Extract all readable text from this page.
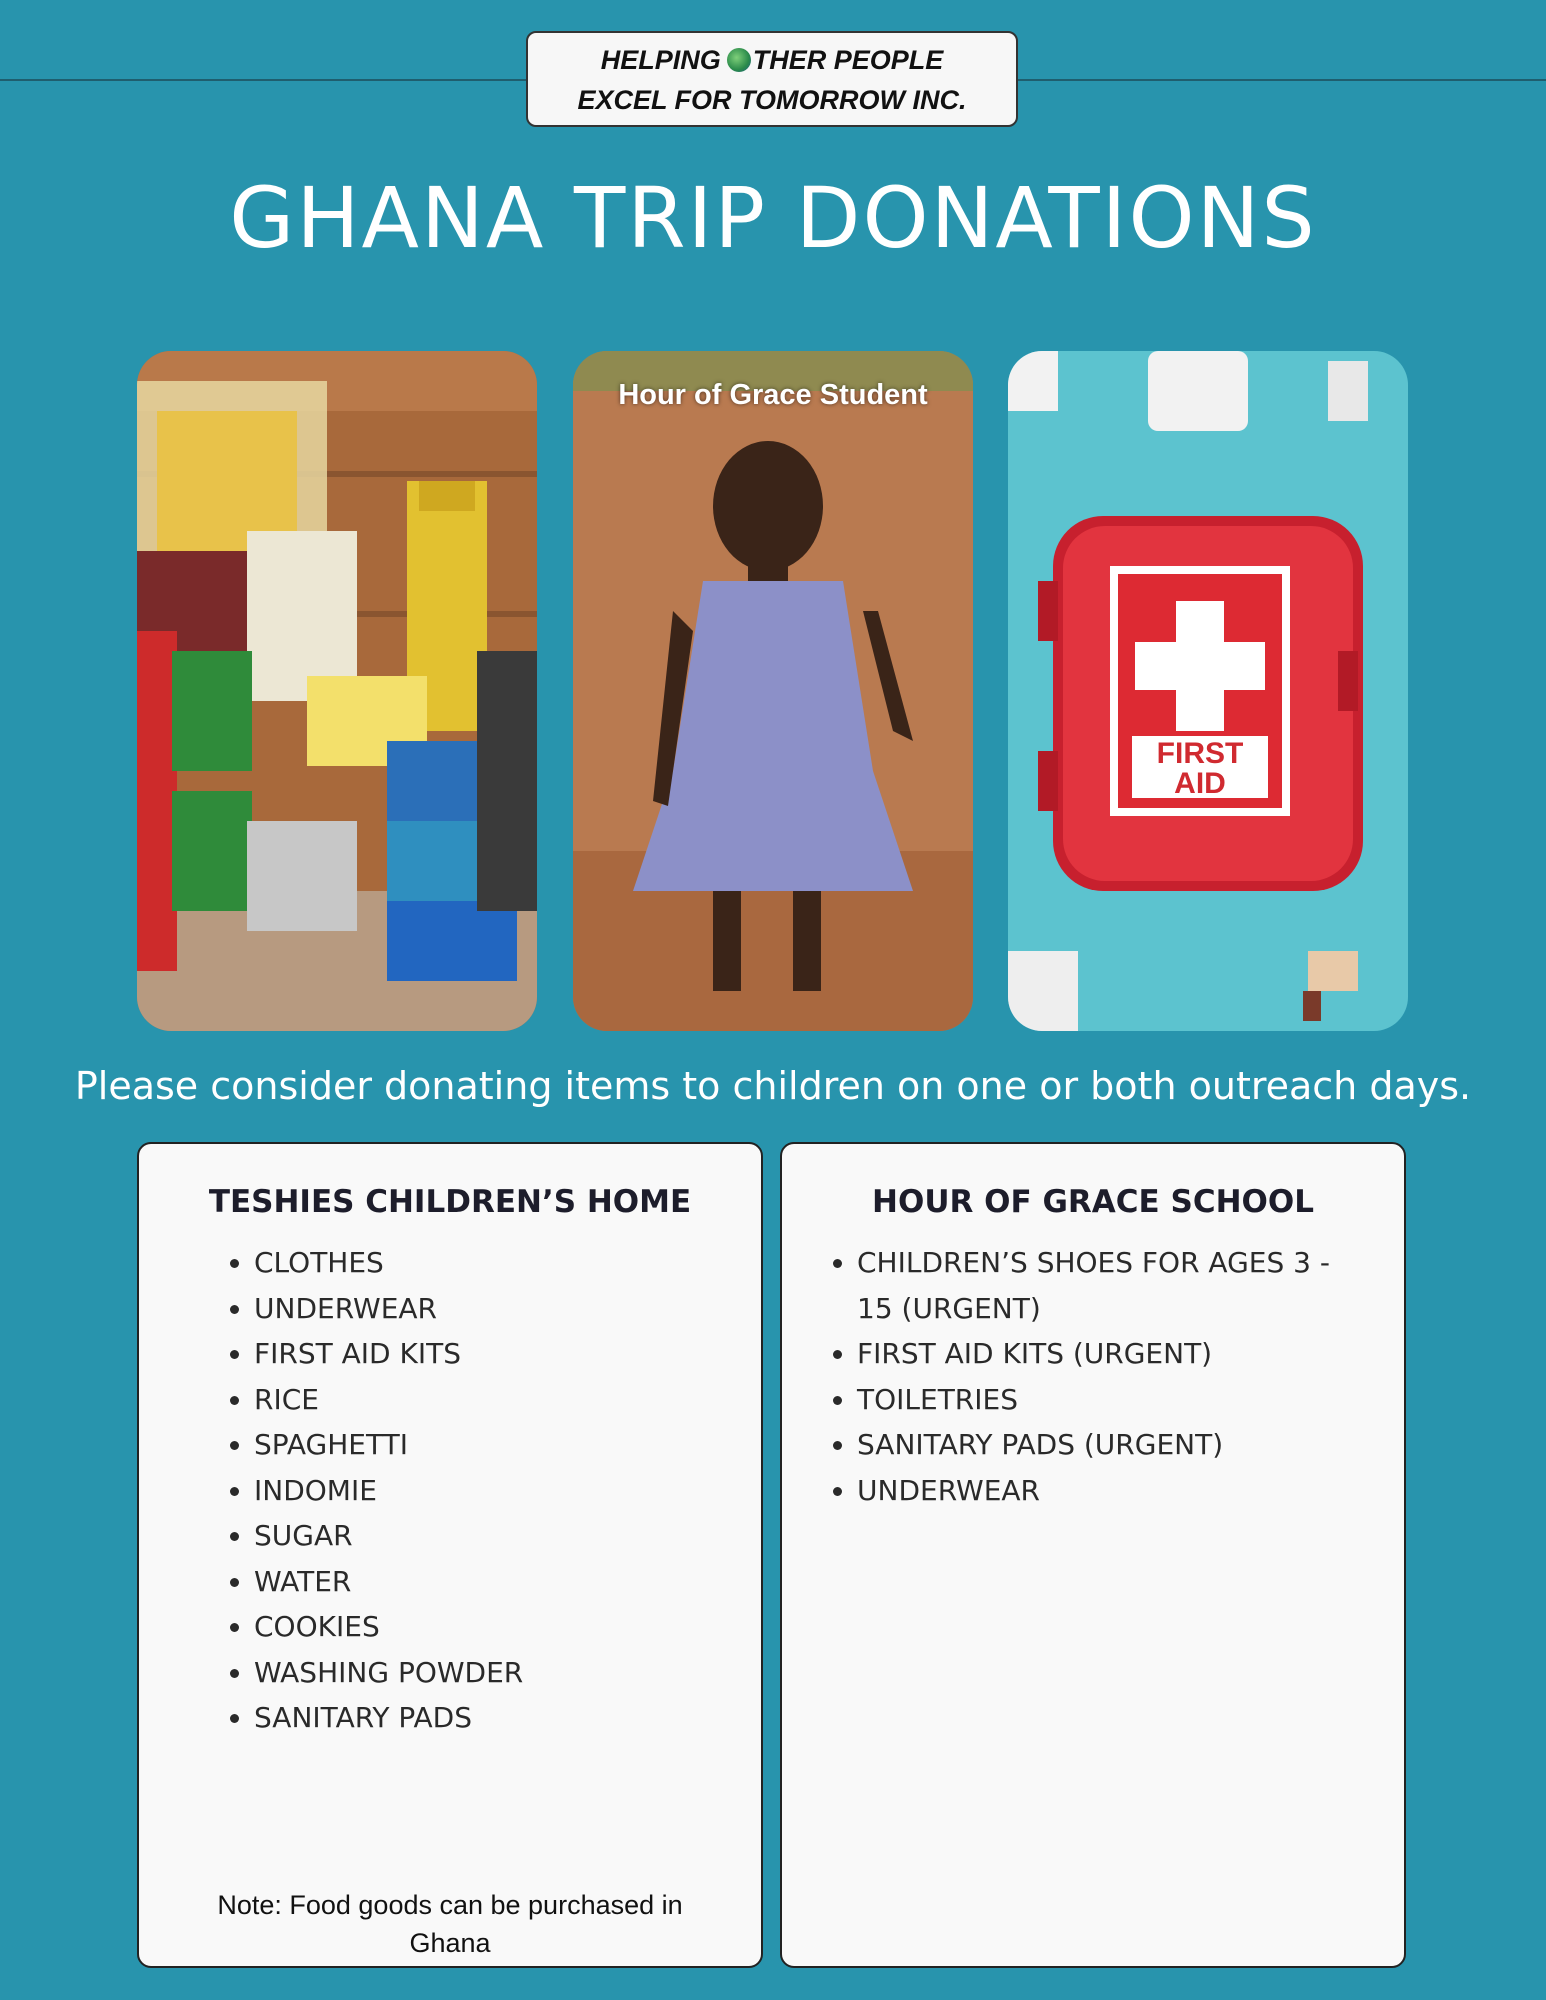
HELPING THER PEOPLE
EXCEL FOR TOMORROW INC.
GHANA TRIP DONATIONS
Hour of Grace Student
FIRST
AID
Please consider donating items to children on one or both outreach days.
TESHIES CHILDREN’S HOME
• CLOTHES
• UNDERWEAR
• FIRST AID KITS
• RICE
• SPAGHETTI
• INDOMIE
• SUGAR
• WATER
• COOKIES
• WASHING POWDER
• SANITARY PADS
Note: Food goods can be purchased in Ghana
HOUR OF GRACE SCHOOL
• CHILDREN’S SHOES FOR AGES 3 - 15 (URGENT)
• FIRST AID KITS (URGENT)
• TOILETRIES
• SANITARY PADS (URGENT)
• UNDERWEAR
